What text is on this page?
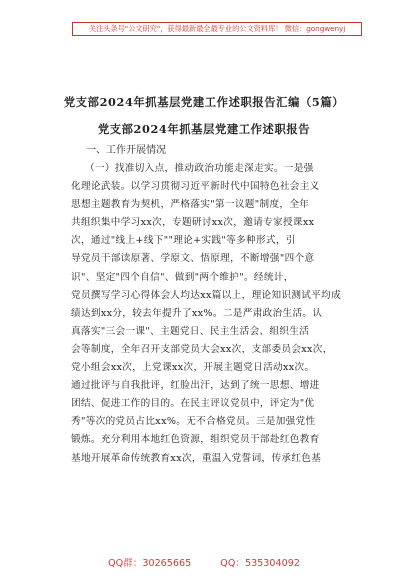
关注头条号"公文研究"，获得最新最全最专业的公文资料库！ 微信：gongwenyj
党支部2024年抓基层党建工作述职报告汇编（5篇）
党支部2024年抓基层党建工作述职报告
一、工作开展情况
（一）找准切入点，推动政治功能走深走实。一是强
化理论武装。以学习贯彻习近平新时代中国特色社会主义
思想主题教育为契机，严格落实"第一议题"制度，全年
共组织集中学习xx次，专题研讨xx次，邀请专家授课xx
次，通过"线上+线下""理论+实践"等多种形式，引
导党员干部读原著、学原文、悟原理，不断增强"四个意
识"、坚定"四个自信"、做到"两个维护"。经统计，
党员撰写学习心得体会人均达xx篇以上，理论知识测试平均成
绩达到xx分，较去年提升了xx%。二是严肃政治生活。认
真落实"三会一课"、主题党日、民主生活会、组织生活
会等制度，全年召开支部党员大会xx次，支部委员会xx次，
党小组会xx次，上党课xx次，开展主题党日活动xx次。
通过批评与自我批评，红脸出汗，达到了统一思想、增进
团结、促进工作的目的。在民主评议党员中，评定为"优
秀"等次的党员占比xx%。无不合格党员。三是加强党性
锻炼。充分利用本地红色资源，组织党员干部赴红色教育
基地开展革命传统教育xx次，重温入党誓词，传承红色基
QQ群：30265665	QQ：535304092
